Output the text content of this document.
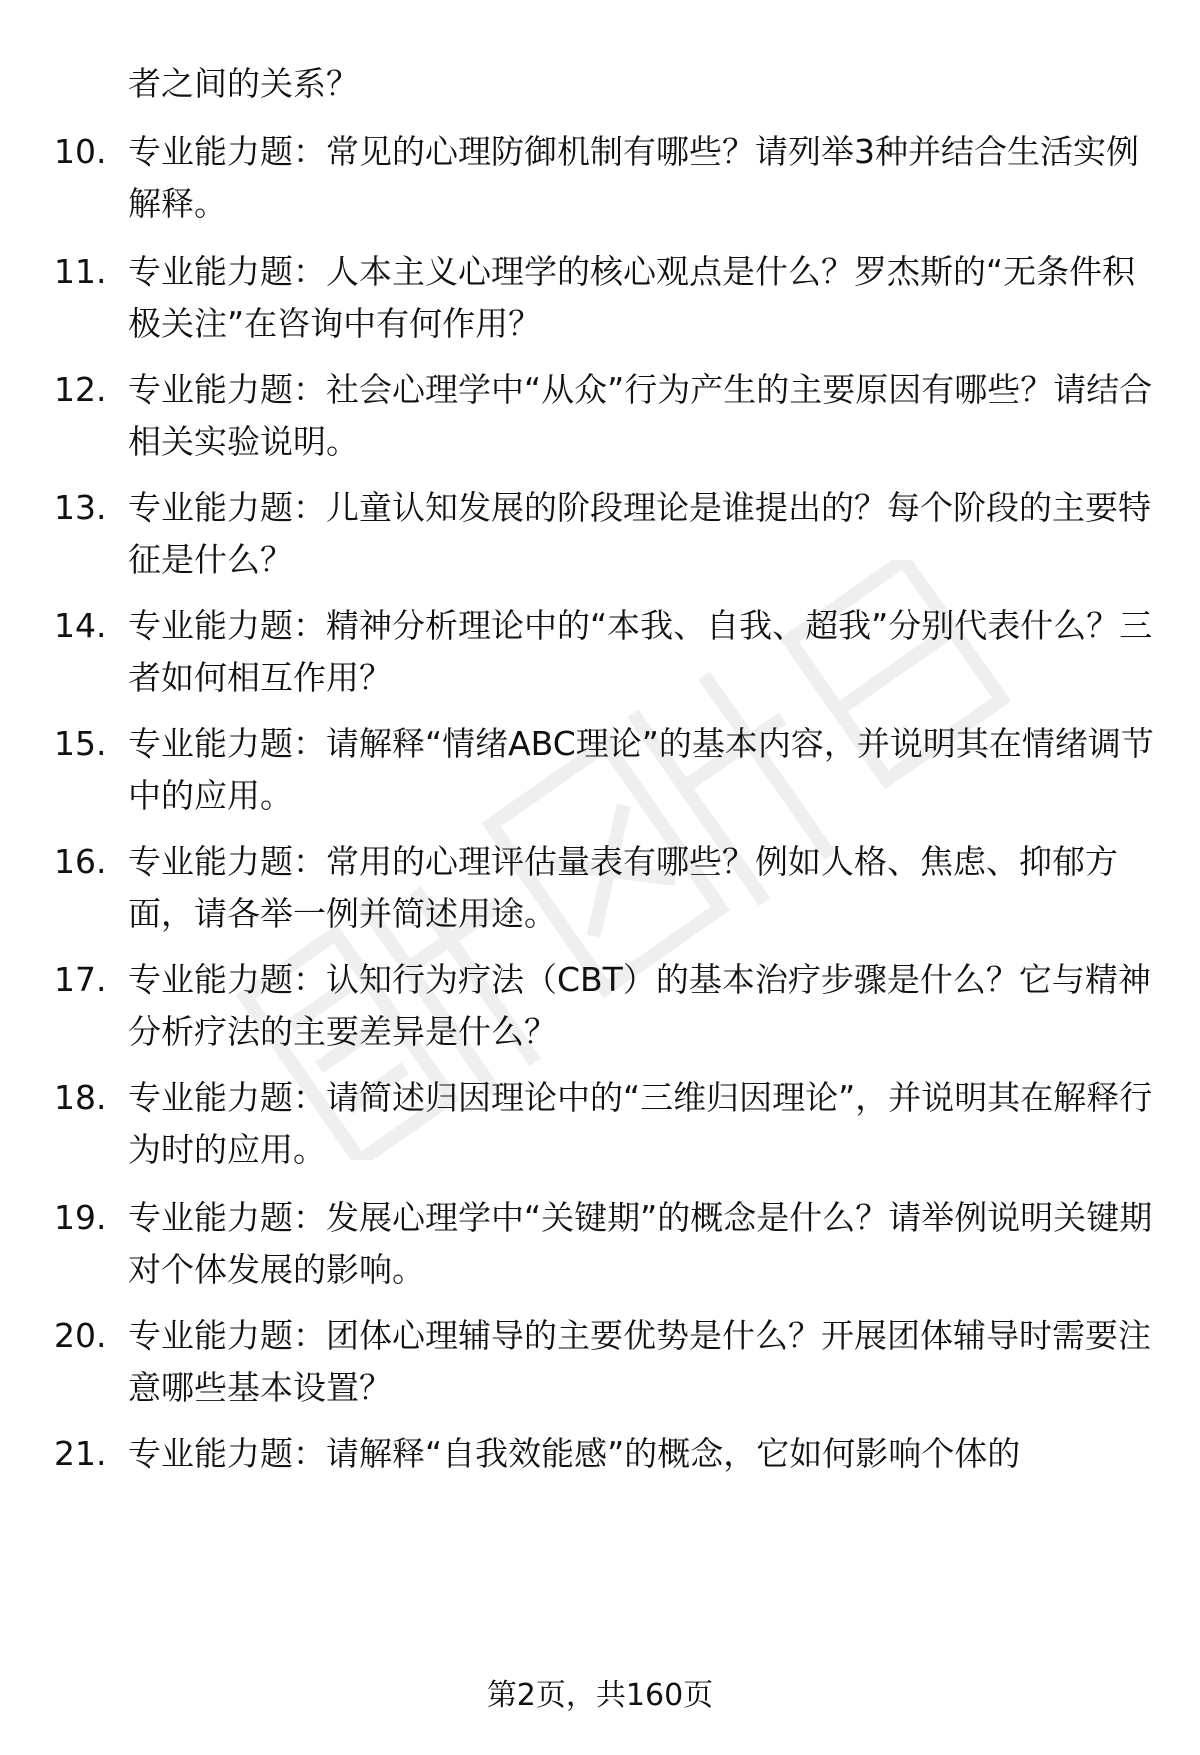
者之间的关系？
10. 专业能力题：常见的心理防御机制有哪些？请列举3种并结合生活实例解释。
11. 专业能力题：人本主义心理学的核心观点是什么？罗杰斯的“无条件积极关注”在咨询中有何作用？
12. 专业能力题：社会心理学中“从众”行为产生的主要原因有哪些？请结合相关实验说明。
13. 专业能力题：儿童认知发展的阶段理论是谁提出的？每个阶段的主要特征是什么？
14. 专业能力题：精神分析理论中的“本我、自我、超我”分别代表什么？三者如何相互作用？
15. 专业能力题：请解释“情绪ABC理论”的基本内容，并说明其在情绪调节中的应用。
16. 专业能力题：常用的心理评估量表有哪些？例如人格、焦虑、抑郁方面，请各举一例并简述用途。
17. 专业能力题：认知行为疗法（CBT）的基本治疗步骤是什么？它与精神分析疗法的主要差异是什么？
18. 专业能力题：请简述归因理论中的“三维归因理论”，并说明其在解释行为时的应用。
19. 专业能力题：发展心理学中“关键期”的概念是什么？请举例说明关键期对个体发展的影响。
20. 专业能力题：团体心理辅导的主要优势是什么？开展团体辅导时需要注意哪些基本设置？
21. 专业能力题：请解释“自我效能感”的概念，它如何影响个体的
第2页，共160页
